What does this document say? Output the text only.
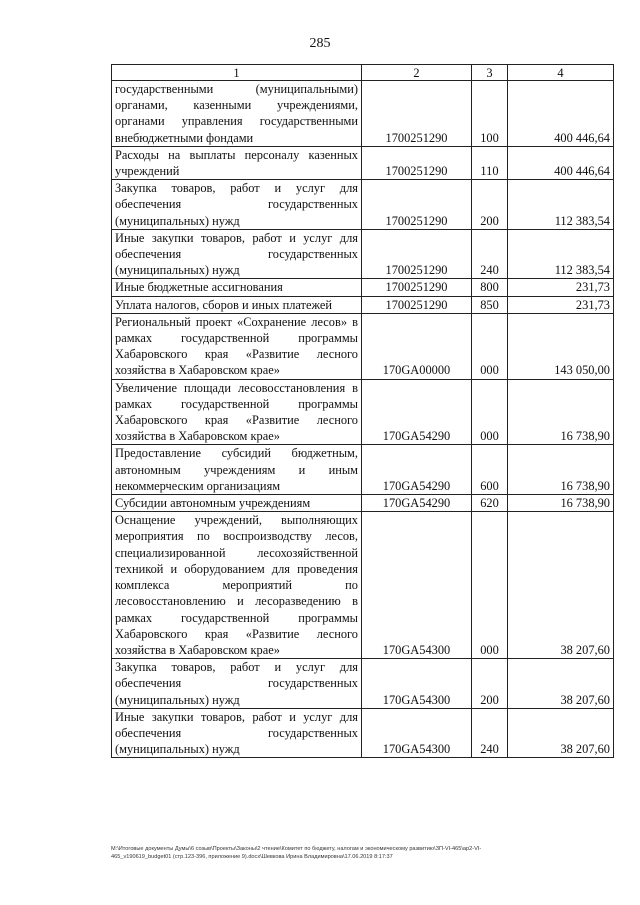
285
1	2	3	4
государственными (муниципальными) органами, казенными учреждениями, органами управления государственными внебюджетными фондами	1700251290	100	400 446,64
Расходы на выплаты персоналу казенных учреждений	1700251290	110	400 446,64
Закупка товаров, работ и услуг для обеспечения государственных (муниципальных) нужд	1700251290	200	112 383,54
Иные закупки товаров, работ и услуг для обеспечения государственных (муниципальных) нужд	1700251290	240	112 383,54
Иные бюджетные ассигнования	1700251290	800	231,73
Уплата налогов, сборов и иных платежей	1700251290	850	231,73
Региональный проект «Сохранение лесов» в рамках государственной программы Хабаровского края «Развитие лесного хозяйства в Хабаровском крае»	170GA00000	000	143 050,00
Увеличение площади лесовосстановления в рамках государственной программы Хабаровского края «Развитие лесного хозяйства в Хабаровском крае»	170GA54290	000	16 738,90
Предоставление субсидий бюджетным, автономным учреждениям и иным некоммерческим организациям	170GA54290	600	16 738,90
Субсидии автономным учреждениям	170GA54290	620	16 738,90
Оснащение учреждений, выполняющих мероприятия по воспроизводству лесов, специализированной лесохозяйственной техникой и оборудованием для проведения комплекса мероприятий по лесовосстановлению и лесоразведению в рамках государственной программы Хабаровского края «Развитие лесного хозяйства в Хабаровском крае»	170GA54300	000	38 207,60
Закупка товаров, работ и услуг для обеспечения государственных (муниципальных) нужд	170GA54300	200	38 207,60
Иные закупки товаров, работ и услуг для обеспечения государственных (муниципальных) нужд	170GA54300	240	38 207,60
M:\Итоговые документы Думы\6 созыв\Проекты\Законы\2 чтение\Комитет по бюджету, налогам и экономическому развитию\ЗП-VI-465\ар2-VI-
465_v190619_budget01 (стр.123-396, приложение 9).docx\Шевкова Ирина Владимировна\17.06.2019 8:17:37
